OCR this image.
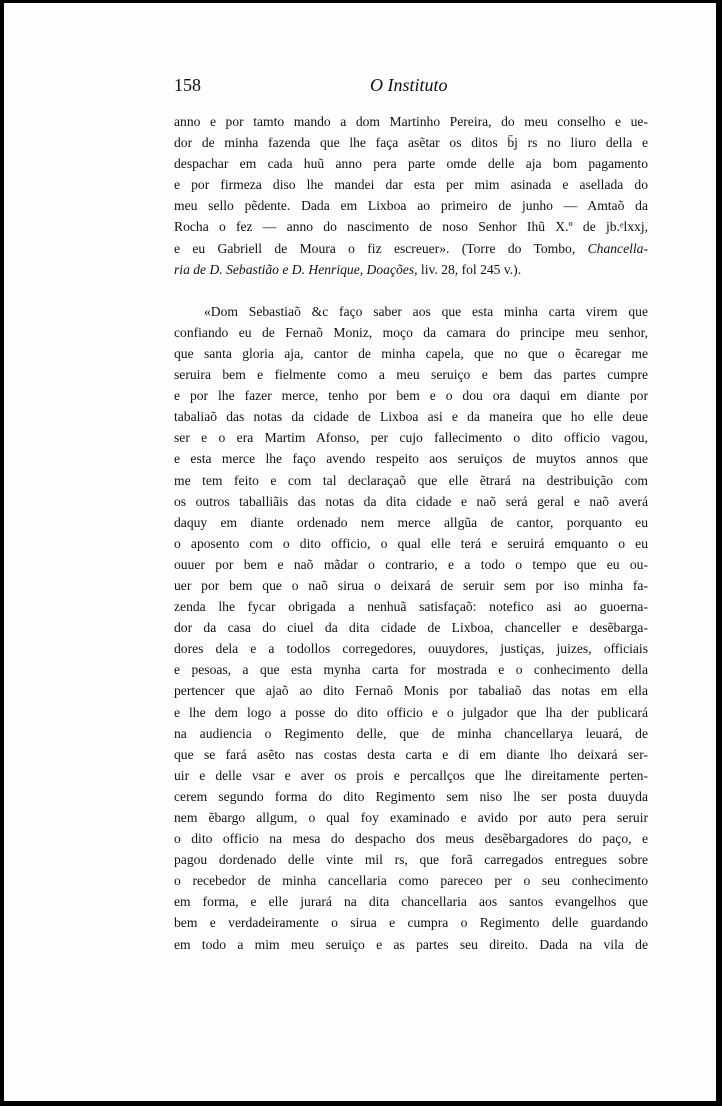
158	O Instituto
anno e por tamto mando a dom Martinho Pereira, do meu conselho e ue-
dor de minha fazenda que lhe faça asẽtar os ditos b̄j rs no liuro della e
despachar em cada huũ anno pera parte omde delle aja bom pagamento
e por firmeza diso lhe mandei dar esta per mim asinada e asellada do
meu sello pẽdente. Dada em Lixboa ao primeiro de junho — Amtaõ da
Rocha o fez — anno do nascimento de noso Senhor Ihũ X.º de jb.ᵉlxxj,
e eu Gabriell de Moura o fiz escreuer». (Torre do Tombo, Chancella-
ria de D. Sebastião e D. Henrique, Doações, liv. 28, fol 245 v.).
«Dom Sebastiaõ &c faço saber aos que esta minha carta virem que
confiando eu de Fernaõ Moniz, moço da camara do principe meu senhor,
que santa gloria aja, cantor de minha capela, que no que o ẽcaregar me
seruira bem e fielmente como a meu seruiço e bem das partes cumpre
e por lhe fazer merce, tenho por bem e o dou ora daqui em diante por
tabaliaõ das notas da cidade de Lixboa asi e da maneira que ho elle deue
ser e o era Martim Afonso, per cujo fallecimento o dito officio vagou,
e esta merce lhe faço avendo respeito aos seruiços de muytos annos que
me tem feito e com tal declaraçaõ que elle ẽtrará na destribuição com
os outros taballiãis das notas da dita cidade e naõ será geral e naõ averá
daquy em diante ordenado nem merce allgũa de cantor, porquanto eu
o aposento com o dito officio, o qual elle terá e seruirá emquanto o eu
ouuer por bem e naõ mãdar o contrario, e a todo o tempo que eu ou-
uer por bem que o naõ sirua o deixará de seruir sem por iso minha fa-
zenda lhe fycar obrigada a nenhuã satisfaçaõ: notefico asi ao guoerna-
dor da casa do ciuel da dita cidade de Lixboa, chanceller e desẽbarga-
dores dela e a todollos corregedores, ouuydores, justiças, juizes, officiais
e pesoas, a que esta mynha carta for mostrada e o conhecimento della
pertencer que ajaõ ao dito Fernaõ Monis por tabaliaõ das notas em ella
e lhe dem logo a posse do dito officio e o julgador que lha der publicará
na audiencia o Regimento delle, que de minha chancellarya leuará, de
que se fará asẽto nas costas desta carta e di em diante lho deixará ser-
uir e delle vsar e aver os prois e percallços que lhe direitamente perten-
cerem segundo forma do dito Regimento sem niso lhe ser posta duuyda
nem ẽbargo allgum, o qual foy examinado e avido por auto pera seruir
o dito officio na mesa do despacho dos meus desẽbargadores do paço, e
pagou dordenado delle vinte mil rs, que forã carregados entregues sobre
o recebedor de minha cancellaria como pareceo per o seu conhecimento
em forma, e elle jurará na dita chancellaria aos santos evangelhos que
bem e verdadeiramente o sirua e cumpra o Regimento delle guardando
em todo a mim meu seruiço e as partes seu direito. Dada na vila de
